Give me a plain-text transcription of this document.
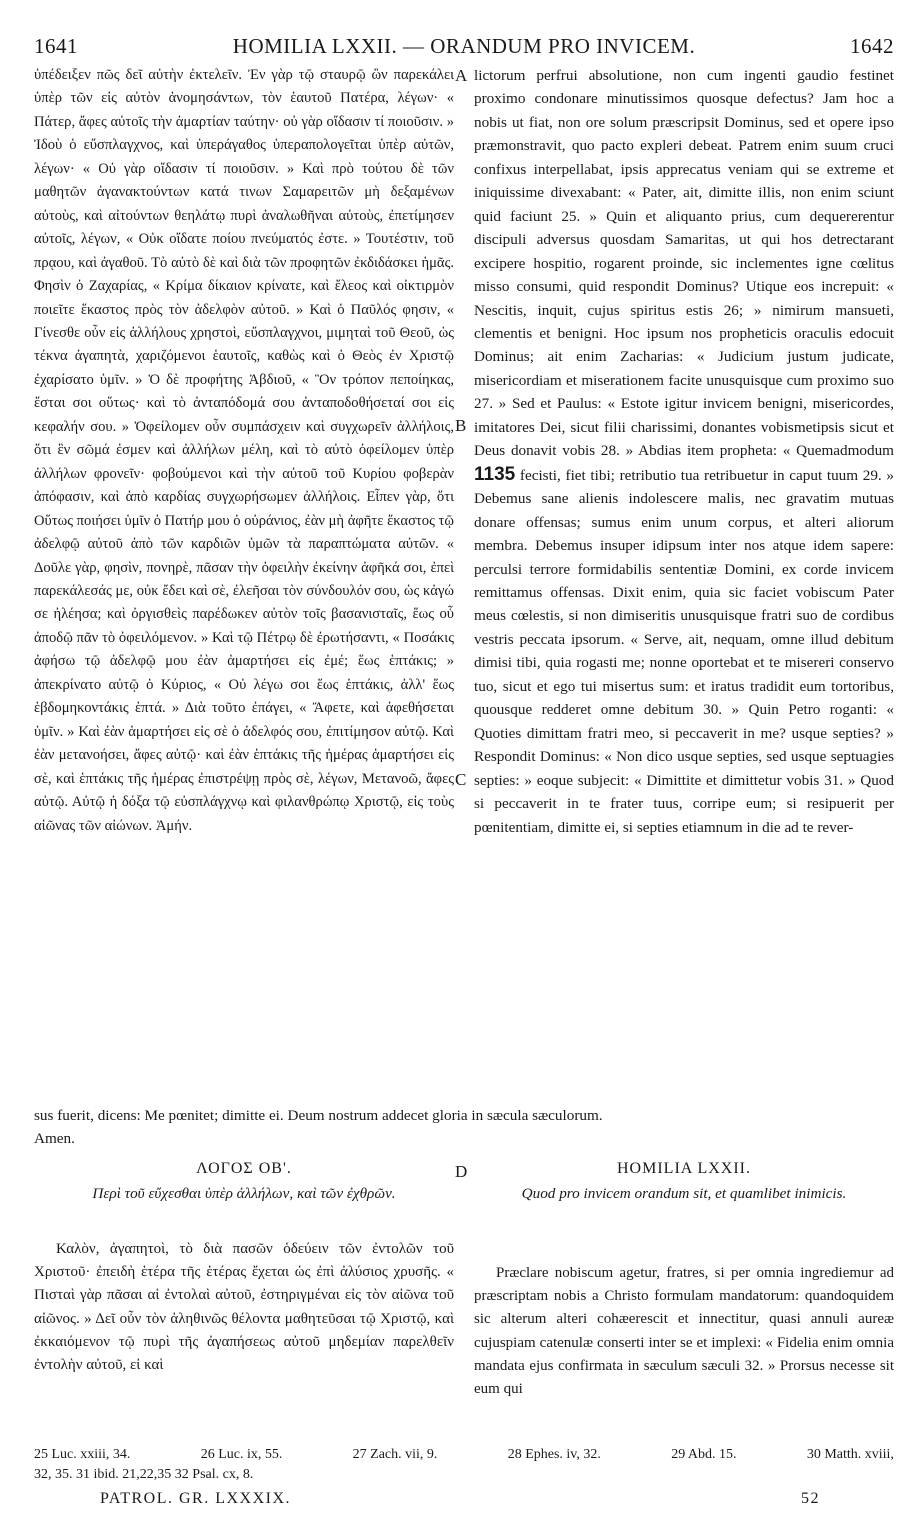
1641	HOMILIA LXXII. — ORANDUM PRO INVICEM.	1642

ὑπέδειξεν πῶς δεῖ αὐτὴν ἐκτελεῖν. Ἐν γὰρ τῷ σταυρῷ ὢν παρεκάλει ὑπὲρ τῶν εἰς αὐτὸν ἀνομησάντων, τὸν ἑαυτοῦ Πατέρα, λέγων· « Πάτερ, ἄφες αὐτοῖς τὴν ἁμαρτίαν ταύτην· οὐ γὰρ οἴδασιν τί ποιοῦσιν. » Ἰδοὺ ὁ εὔσπλαγχνος, καὶ ὑπεράγαθος ὑπεραπολογεῖται ὑπὲρ αὐτῶν, λέγων· « Οὐ γὰρ οἴδασιν τί ποιοῦσιν. » Καὶ πρὸ τούτου δὲ τῶν μαθητῶν ἀγανακτούντων κατά τινων Σαμαρειτῶν μὴ δεξαμένων αὐτοὺς, καὶ αἰτούντων θεηλάτῳ πυρὶ ἀναλωθῆναι αὐτοὺς, ἐπετίμησεν αὐτοῖς, λέγων, « Οὐκ οἴδατε ποίου πνεύματός ἐστε. » Τουτέστιν, τοῦ πρᾳου, καὶ ἀγαθοῦ. Τὸ αὐτὸ δὲ καὶ διὰ τῶν προφητῶν ἐκδιδάσκει ἡμᾶς. Φησὶν ὁ Ζαχαρίας, « Κρίμα δίκαιον κρίνατε, καὶ ἔλεος καὶ οἰκτιρμὸν ποιεῖτε ἕκαστος πρὸς τὸν ἀδελφὸν αὐτοῦ. » Καὶ ὁ Παῦλός φησιν, « Γίνεσθε οὖν εἰς ἀλλήλους χρηστοὶ, εὔσπλαγχνοι, μιμηταὶ τοῦ Θεοῦ, ὡς τέκνα ἀγαπητὰ, χαριζόμενοι ἑαυτοῖς, καθὼς καὶ ὁ Θεὸς ἐν Χριστῷ ἐχαρίσατο ὑμῖν. » Ὁ δὲ προφήτης Ἀβδιοῦ, « Ὃν τρόπον πεποίηκας, ἔσται σοι οὕτως· καὶ τὸ ἀνταπόδομά σου ἀνταποδοθήσεταί σοι εἰς κεφαλήν σου. » Ὀφείλομεν οὖν συμπάσχειν καὶ συγχωρεῖν ἀλλήλοις, ὅτι ἓν σῶμά ἐσμεν καὶ ἀλλήλων μέλη, καὶ τὸ αὐτὸ ὀφείλομεν ὑπὲρ ἀλλήλων φρονεῖν· φοβούμενοι καὶ τὴν αὐτοῦ τοῦ Κυρίου φοβερὰν ἀπόφασιν, καὶ ἀπὸ καρδίας συγχωρήσωμεν ἀλλήλοις. Εἶπεν γὰρ, ὅτι Οὕτως ποιήσει ὑμῖν ὁ Πατήρ μου ὁ οὐράνιος, ἐὰν μὴ ἀφῆτε ἕκαστος τῷ ἀδελφῷ αὐτοῦ ἀπὸ τῶν καρδιῶν ὑμῶν τὰ παραπτώματα αὐτῶν. « Δοῦλε γὰρ, φησὶν, πονηρὲ, πᾶσαν τὴν ὀφειλὴν ἐκείνην ἀφῆκά σοι, ἐπεὶ παρεκάλεσάς με, οὐκ ἔδει καὶ σὲ, ἐλεῆσαι τὸν σύνδουλόν σου, ὡς κἀγώ σε ἠλέησα; καὶ ὀργισθεὶς παρέδωκεν αὐτὸν τοῖς βασανισταῖς, ἕως οὗ ἀποδῷ πᾶν τὸ ὀφειλόμενον. » Καὶ τῷ Πέτρῳ δὲ ἐρωτήσαντι, « Ποσάκις ἀφήσω τῷ ἀδελφῷ μου ἐὰν ἁμαρτήσει εἰς ἐμέ; ἕως ἑπτάκις; » ἀπεκρίνατο αὐτῷ ὁ Κύριος, « Οὐ λέγω σοι ἕως ἑπτάκις, ἀλλ' ἕως ἑβδομηκοντάκις ἑπτά. » Διὰ τοῦτο ἐπάγει, « Ἄφετε, καὶ ἀφεθήσεται ὑμῖν. » Καὶ ἐὰν ἁμαρτήσει εἰς σὲ ὁ ἀδελφός σου, ἐπιτίμησον αὐτῷ. Καὶ ἐὰν μετανοήσει, ἄφες αὐτῷ· καὶ ἐὰν ἑπτάκις τῆς ἡμέρας ἁμαρτήσει εἰς σὲ, καὶ ἑπτάκις τῆς ἡμέρας ἐπιστρέψῃ πρὸς σὲ, λέγων, Μετανοῶ, ἄφες αὐτῷ. Αὐτῷ ἡ δόξα τῷ εὐσπλάγχνῳ καὶ φιλανθρώπῳ Χριστῷ, εἰς τοὺς αἰῶνας τῶν αἰώνων. Ἀμήν.

lictorum perfrui absolutione, non cum ingenti gaudio festinet proximo condonare minutissimos quosque defectus? Jam hoc a nobis ut fiat, non ore solum præscripsit Dominus, sed et opere ipso præmonstravit, quo pacto expleri debeat. Patrem enim suum cruci confixus interpellabat, ipsis apprecatus veniam qui se extreme et iniquissime divexabant: « Pater, ait, dimitte illis, non enim sciunt quid faciunt 25. » Quin et aliquanto prius, cum dequererentur discipuli adversus quosdam Samaritas, ut qui hos detrectarant excipere hospitio, rogarent proinde, sic inclementes igne cœlitus misso consumi, quid respondit Dominus? Utique eos increpuit: « Nescitis, inquit, cujus spiritus estis 26; » nimirum mansueti, clementis et benigni. Hoc ipsum nos propheticis oraculis edocuit Dominus; ait enim Zacharias: « Judicium justum judicate, misericordiam et miserationem facite unusquisque cum proximo suo 27. » Sed et Paulus: « Estote igitur invicem benigni, misericordes, imitatores Dei, sicut filii charissimi, donantes vobismetipsis sicut et Deus donavit vobis 28. » Abdias item propheta: « Quemadmodum 1135 fecisti, fiet tibi; retributio tua retribuetur in caput tuum 29. » Debemus sane alienis indolescere malis, nec gravatim mutuas donare offensas; sumus enim unum corpus, et alteri aliorum membra. Debemus insuper idipsum inter nos atque idem sapere: perculsi terrore formidabilis sententiæ Domini, ex corde invicem remittamus offensas. Dixit enim, quia sic faciet vobiscum Pater meus cœlestis, si non dimiseritis unusquisque fratri suo de cordibus vestris peccata ipsorum. « Serve, ait, nequam, omne illud debitum dimisi tibi, quia rogasti me; nonne oportebat et te misereri conservo tuo, sicut et ego tui misertus sum: et iratus tradidit eum tortoribus, quousque redderet omne debitum 30. » Quin Petro roganti: « Quoties dimittam fratri meo, si peccaverit in me? usque septies? » Respondit Dominus: « Non dico usque septies, sed usque septuagies septies: » eoque subjecit: « Dimittite et dimittetur vobis 31. » Quod si peccaverit in te frater tuus, corripe eum; si resipuerit per pœnitentiam, dimitte ei, si septies etiamnum in die ad te rever-

A
B
C
D
sus fuerit, dicens: Me pœnitet; dimitte ei. Deum nostrum addecet gloria in sæcula sæculorum.
Amen.
ΛΟΓΟΣ ΟΒ'.
Περὶ τοῦ εὔχεσθαι ὑπὲρ ἀλλήλων, καὶ τῶν ἐχθρῶν.
HOMILIA LXXII.
Quod pro invicem orandum sit, et quamlibet inimicis.

Καλὸν, ἀγαπητοὶ, τὸ διὰ πασῶν ὁδεύειν τῶν ἐντολῶν τοῦ Χριστοῦ· ἐπειδὴ ἑτέρα τῆς ἑτέρας ἔχεται ὡς ἐπὶ ἀλύσιος χρυσῆς. « Πισταὶ γὰρ πᾶσαι αἱ ἐντολαὶ αὐτοῦ, ἐστηριγμέναι εἰς τὸν αἰῶνα τοῦ αἰῶνος. » Δεῖ οὖν τὸν ἀληθινῶς θέλοντα μαθητεῦσαι τῷ Χριστῷ, καὶ ἐκκαιόμενον τῷ πυρὶ τῆς ἀγαπήσεως αὐτοῦ μηδεμίαν παρελθεῖν ἐντολὴν αὐτοῦ, εἰ καὶ

Præclare nobiscum agetur, fratres, si per omnia ingrediemur ad præscriptam nobis a Christo formulam mandatorum: quandoquidem sic alterum alteri cohæerescit et innectitur, quasi annuli aureæ cujuspiam catenulæ conserti inter se et implexi: « Fidelia enim omnia mandata ejus confirmata in sæculum sæculi 32. » Prorsus necesse sit eum qui

25 Luc. xxiii, 34.	26 Luc. ix, 55.	27 Zach. vii, 9.	28 Ephes. iv, 32.	29 Abd. 15.	30 Matth. xviii,
32, 35. 31 ibid. 21,22,35 32 Psal. cx, 8.
PATROL. GR. LXXXIX.	52
